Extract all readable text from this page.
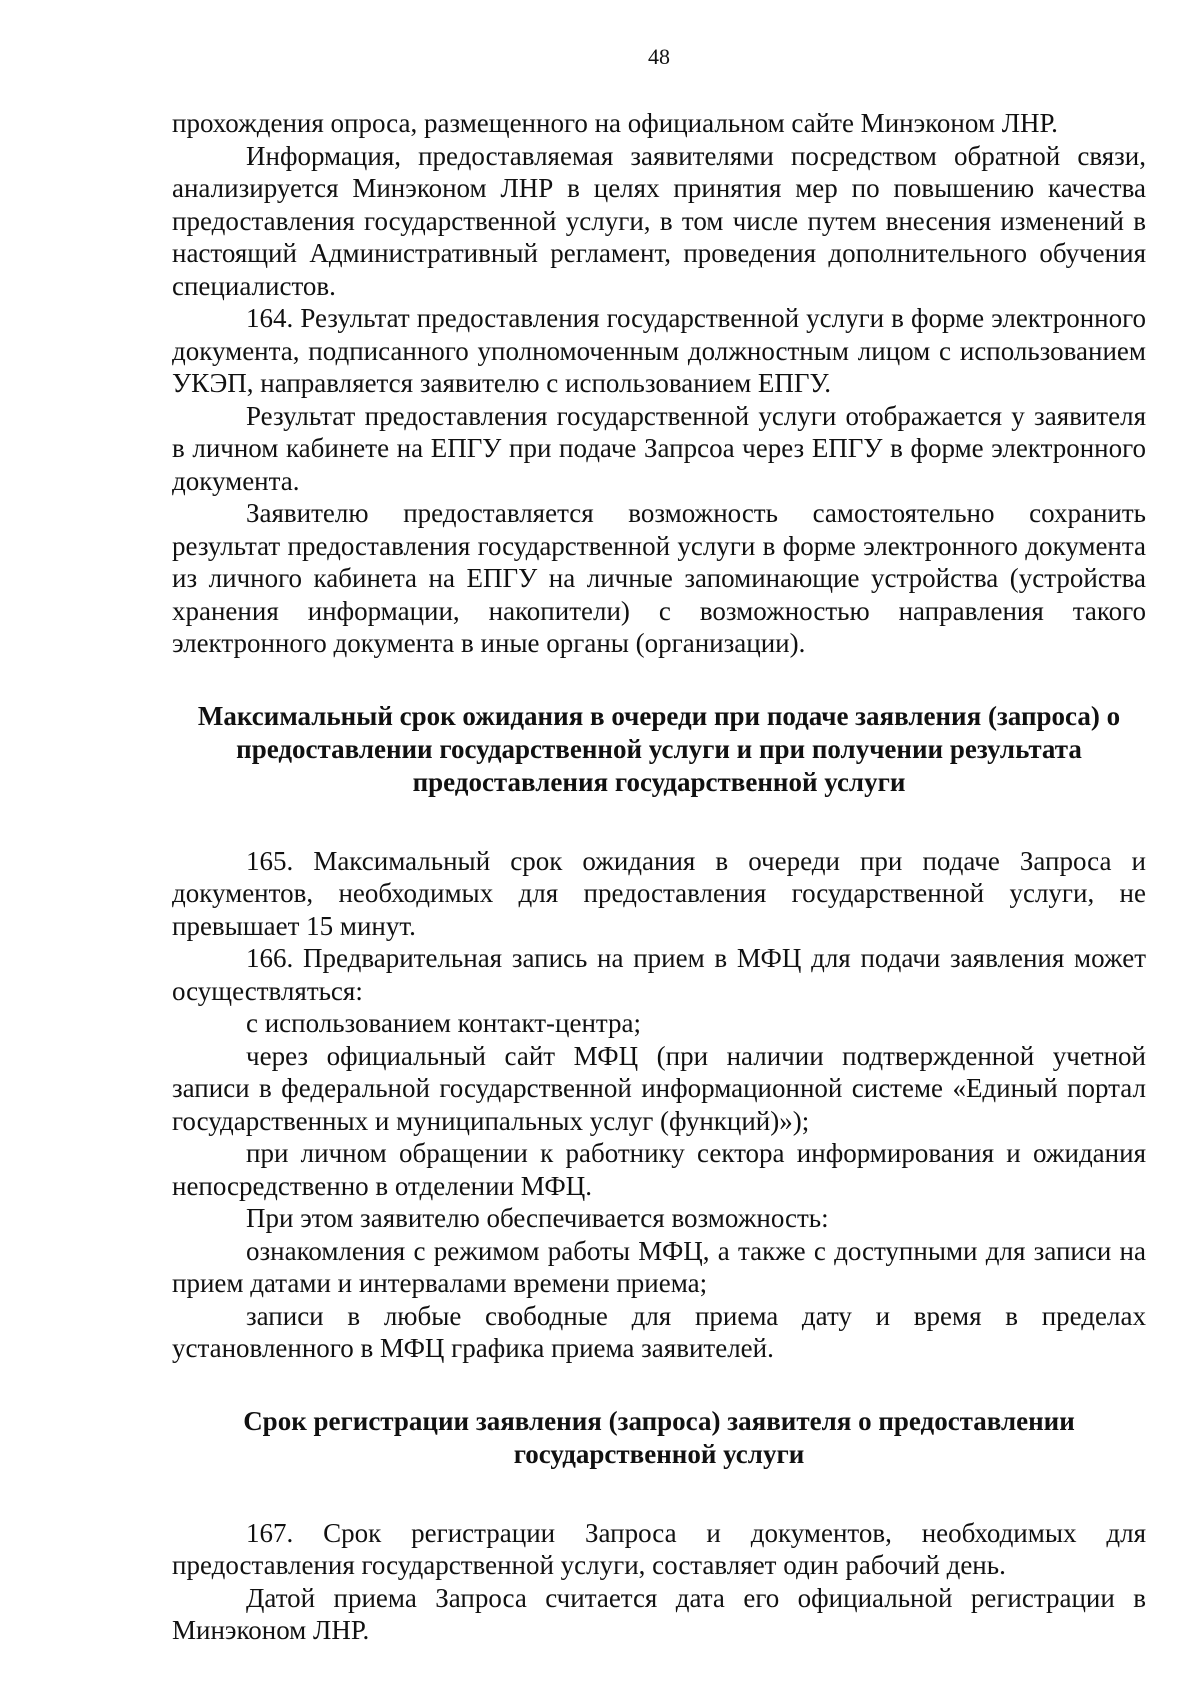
48

прохождения опроса, размещенного на официальном сайте Минэконом ЛНР.

Информация, предоставляемая заявителями посредством обратной связи, анализируется Минэконом ЛНР в целях принятия мер по повышению качества предоставления государственной услуги, в том числе путем внесения изменений в настоящий Административный регламент, проведения дополнительного обучения специалистов.

164. Результат предоставления государственной услуги в форме электронного документа, подписанного уполномоченным должностным лицом с использованием УКЭП, направляется заявителю с использованием ЕПГУ.

Результат предоставления государственной услуги отображается у заявителя в личном кабинете на ЕПГУ при подаче Запрсоа через ЕПГУ в форме электронного документа.

Заявителю предоставляется возможность самостоятельно сохранить результат предоставления государственной услуги в форме электронного документа из личного кабинета на ЕПГУ на личные запоминающие устройства (устройства хранения информации, накопители) с возможностью направления такого электронного документа в иные органы (организации).

Максимальный срок ожидания в очереди при подаче заявления (запроса) о предоставлении государственной услуги и при получении результата предоставления государственной услуги

165. Максимальный срок ожидания в очереди при подаче Запроса и документов, необходимых для предоставления государственной услуги, не превышает 15 минут.

166. Предварительная запись на прием в МФЦ для подачи заявления может осуществляться:

с использованием контакт-центра;

через официальный сайт МФЦ (при наличии подтвержденной учетной записи в федеральной государственной информационной системе «Единый портал государственных и муниципальных услуг (функций)»);

при личном обращении к работнику сектора информирования и ожидания непосредственно в отделении МФЦ.

При этом заявителю обеспечивается возможность:

ознакомления с режимом работы МФЦ, а также с доступными для записи на прием датами и интервалами времени приема;

записи в любые свободные для приема дату и время в пределах установленного в МФЦ графика приема заявителей.

Срок регистрации заявления (запроса) заявителя о предоставлении государственной услуги

167. Срок регистрации Запроса и документов, необходимых для предоставления государственной услуги, составляет один рабочий день.

Датой приема Запроса считается дата его официальной регистрации в Минэконом ЛНР.
